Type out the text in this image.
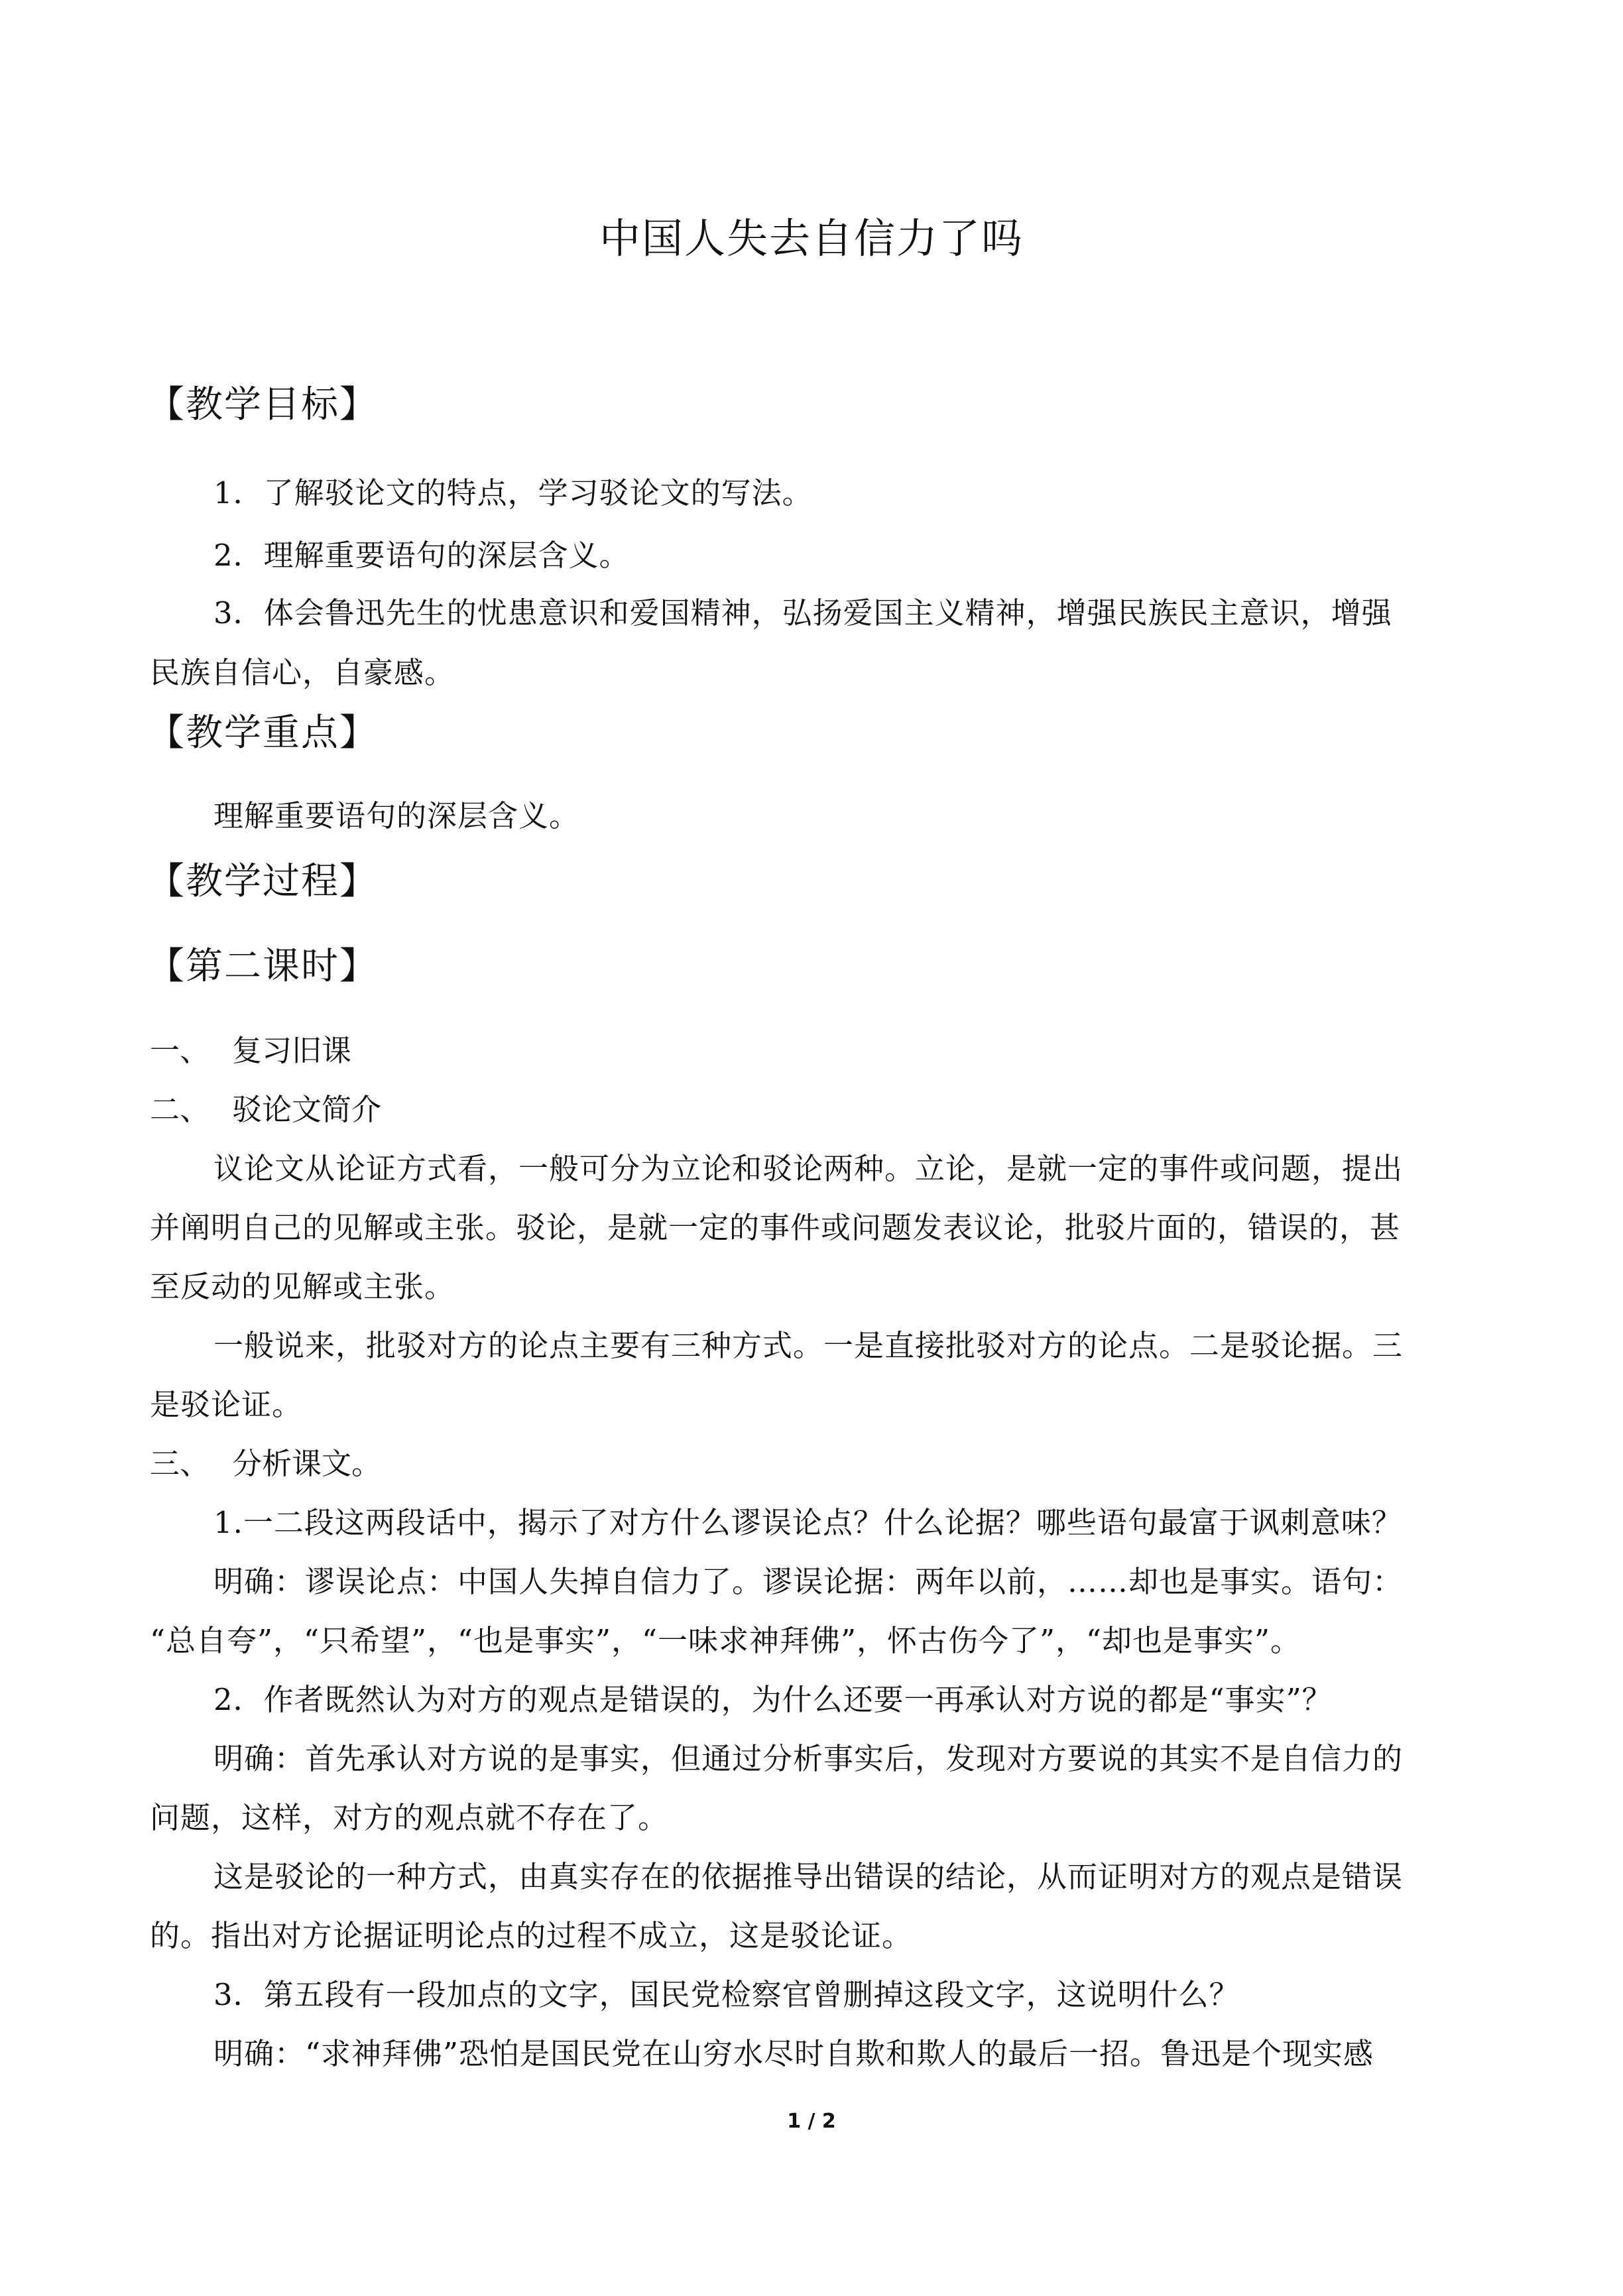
中国人失去自信力了吗
【教学目标】
1．了解驳论文的特点，学习驳论文的写法。
2．理解重要语句的深层含义。
3．体会鲁迅先生的忧患意识和爱国精神，弘扬爱国主义精神，增强民族民主意识，增强
民族自信心，自豪感。
【教学重点】
理解重要语句的深层含义。
【教学过程】
【第二课时】
一、 复习旧课
二、 驳论文简介
议论文从论证方式看，一般可分为立论和驳论两种。立论，是就一定的事件或问题，提出
并阐明自己的见解或主张。驳论，是就一定的事件或问题发表议论，批驳片面的，错误的，甚
至反动的见解或主张。
一般说来，批驳对方的论点主要有三种方式。一是直接批驳对方的论点。二是驳论据。三
是驳论证。
三、 分析课文。
1.一二段这两段话中，揭示了对方什么谬误论点？什么论据？哪些语句最富于讽刺意味？
明确：谬误论点：中国人失掉自信力了。谬误论据：两年以前，……却也是事实。语句：
“总自夸”，“只希望”，“也是事实”，“一味求神拜佛”，怀古伤今了”，“却也是事实”。
2．作者既然认为对方的观点是错误的，为什么还要一再承认对方说的都是“事实”？
明确：首先承认对方说的是事实，但通过分析事实后，发现对方要说的其实不是自信力的
问题，这样，对方的观点就不存在了。
这是驳论的一种方式，由真实存在的依据推导出错误的结论，从而证明对方的观点是错误
的。指出对方论据证明论点的过程不成立，这是驳论证。
3．第五段有一段加点的文字，国民党检察官曾删掉这段文字，这说明什么？
明确：“求神拜佛”恐怕是国民党在山穷水尽时自欺和欺人的最后一招。鲁迅是个现实感
1 / 2
